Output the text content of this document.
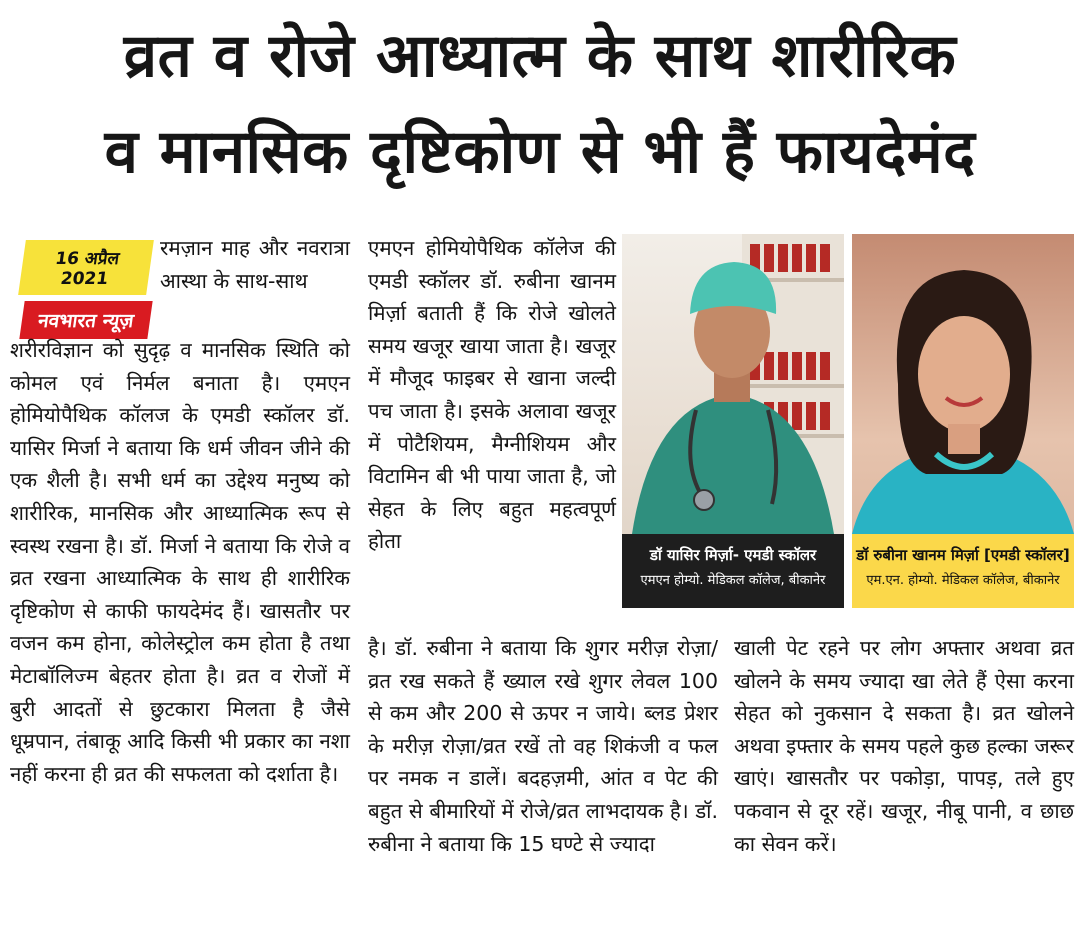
व्रत व रोजे आध्यात्म के साथ शारीरिक
व मानसिक दृष्टिकोण से भी हैं फायदेमंद
16 अप्रैल 2021
नवभारत न्यूज़

रमज़ान माह और नवरात्रा आस्था के साथ-साथ

शरीरविज्ञान को सुदृढ़ व मानसिक स्थिति को कोमल एवं निर्मल बनाता है। एमएन होमियोपैथिक कॉलज के एमडी स्कॉलर डॉ. यासिर मिर्जा ने बताया कि धर्म जीवन जीने की एक शैली है। सभी धर्म का उद्देश्य मनुष्य को शारीरिक, मानसिक और आध्यात्मिक रूप से स्वस्थ रखना है। डॉ. मिर्जा ने बताया कि रोजे व व्रत रखना आध्यात्मिक के साथ ही शारीरिक दृष्टिकोण से काफी फायदेमंद हैं। खासतौर पर वजन कम होना, कोलेस्ट्रोल कम होता है तथा मेटाबॉलिज्म बेहतर होता है। व्रत व रोजों में बुरी आदतों से छुटकारा मिलता है जैसे धूम्रपान, तंबाकू आदि किसी भी प्रकार का नशा नहीं करना ही व्रत की सफलता को दर्शाता है।

एमएन होमियोपैथिक कॉलेज की एमडी स्कॉलर डॉ. रुबीना खानम मिर्ज़ा बताती हैं कि रोजे खोलते समय खजूर खाया जाता है। खजूर में मौजूद फाइबर से खाना जल्दी पच जाता है। इसके अलावा खजूर में पोटैशियम, मैग्नीशियम और विटामिन बी भी पाया जाता है, जो सेहत के लिए बहुत महत्वपूर्ण होता

है। डॉ. रुबीना ने बताया कि शुगर मरीज़ रोज़ा/व्रत रख सकते हैं ख्याल रखे शुगर लेवल 100 से कम और 200 से ऊपर न जाये। ब्लड प्रेशर के मरीज़ रोज़ा/व्रत रखें तो वह शिकंजी व फल पर नमक न डालें। बदहज़मी, आंत व पेट की बहुत से बीमारियों में रोजे/व्रत लाभदायक है। डॉ. रुबीना ने बताया कि 15 घण्टे से ज्यादा

खाली पेट रहने पर लोग अफ्तार अथवा व्रत खोलने के समय ज्यादा खा लेते हैं ऐसा करना सेहत को नुकसान दे सकता है। व्रत खोलने अथवा इफ्तार के समय पहले कुछ हल्का जरूर खाएं। खासतौर पर पकोड़ा, पापड़, तले हुए पकवान से दूर रहें। खजूर, नीबू पानी, व छाछ का सेवन करें।

डॉ यासिर मिर्ज़ा- एमडी स्कॉलर
एमएन होम्यो. मेडिकल कॉलेज, बीकानेर
डॉ रुबीना खानम मिर्ज़ा [एमडी स्कॉलर]
एम.एन. होम्यो. मेडिकल कॉलेज, बीकानेर
